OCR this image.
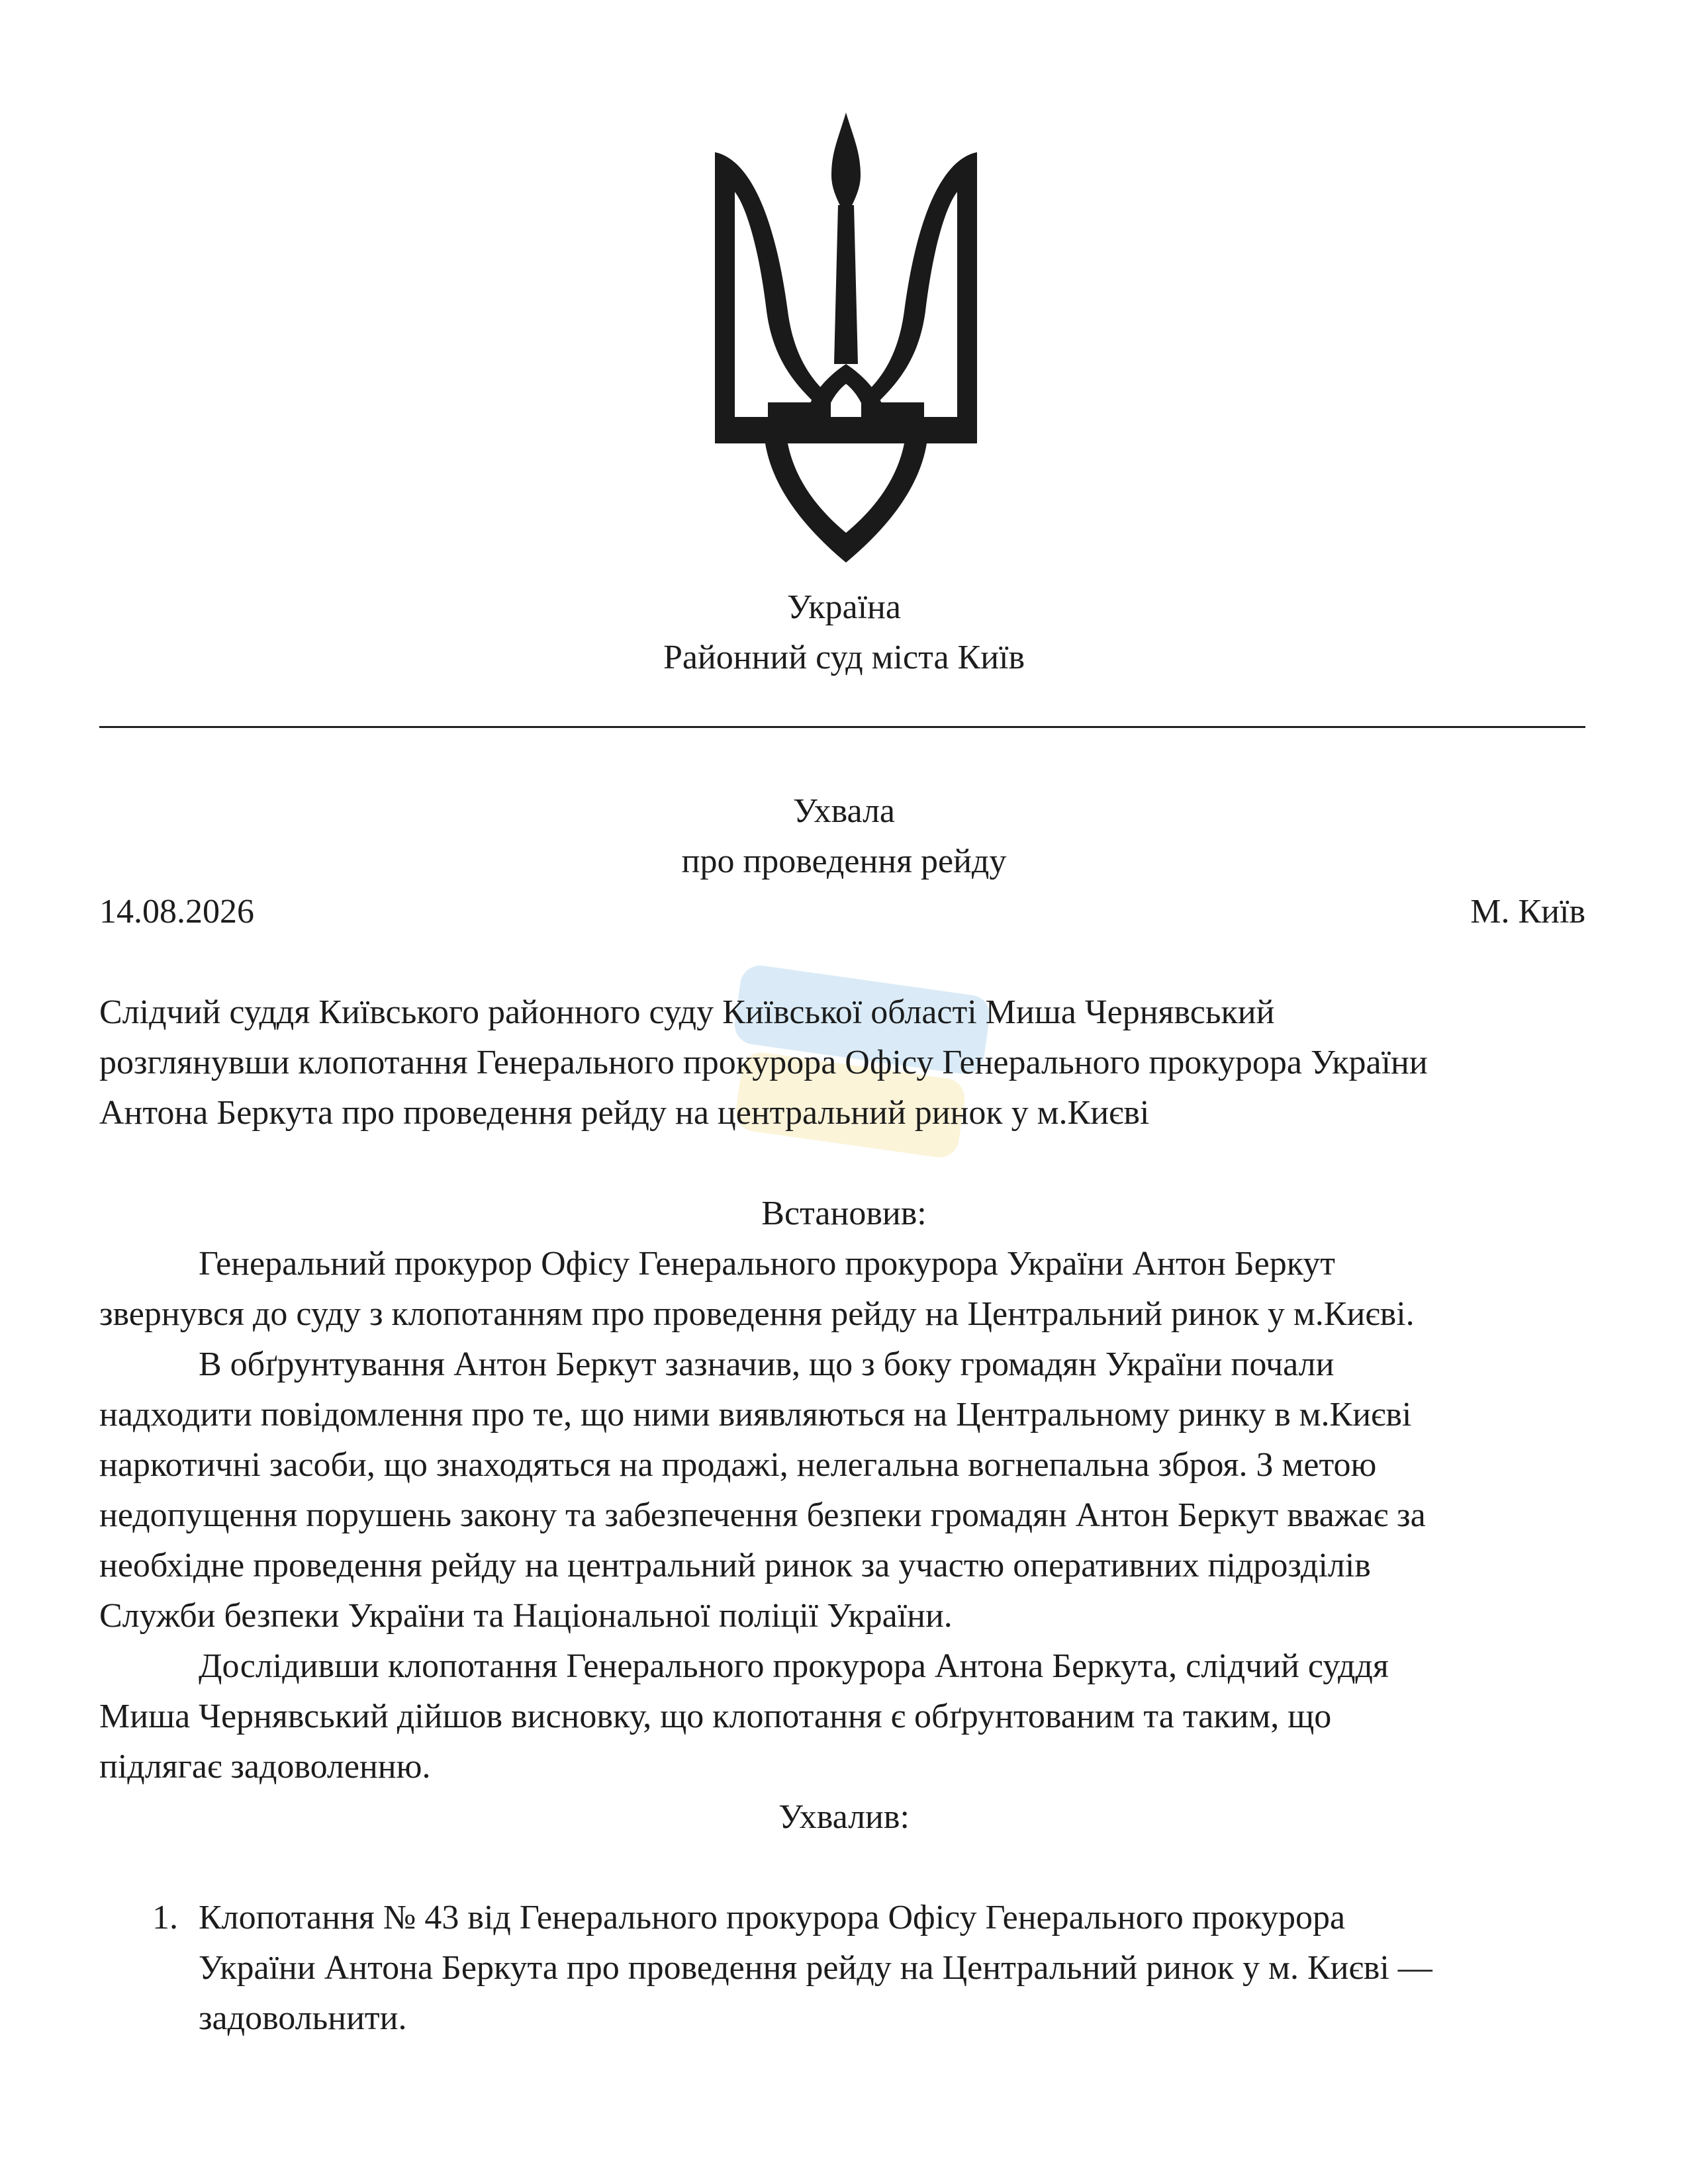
Україна
Районний суд міста Київ
Ухвала
про проведення рейду
14.08.2026	М. Київ
Слідчий суддя Київського районного суду Київської області Миша Чернявський
розглянувши клопотання Генерального прокурора Офісу Генерального прокурора України
Антона Беркута про проведення рейду на центральний ринок у м.Києві
Встановив:
Генеральний прокурор Офісу Генерального прокурора України Антон Беркут
звернувся до суду з клопотанням про проведення рейду на Центральний ринок у м.Києві.
В обґрунтування Антон Беркут зазначив, що з боку громадян України почали
надходити повідомлення про те, що ними виявляються на Центральному ринку в м.Києві
наркотичні засоби, що знаходяться на продажі, нелегальна вогнепальна зброя. З метою
недопущення порушень закону та забезпечення безпеки громадян Антон Беркут вважає за
необхідне проведення рейду на центральний ринок за участю оперативних підрозділів
Служби безпеки України та Національної поліції України.
Дослідивши клопотання Генерального прокурора Антона Беркута, слідчий суддя
Миша Чернявський дійшов висновку, що клопотання є обґрунтованим та таким, що
підлягає задоволенню.
Ухвалив:
1. Клопотання № 43 від Генерального прокурора Офісу Генерального прокурора
України Антона Беркута про проведення рейду на Центральний ринок у м. Києві —
задовольнити.
